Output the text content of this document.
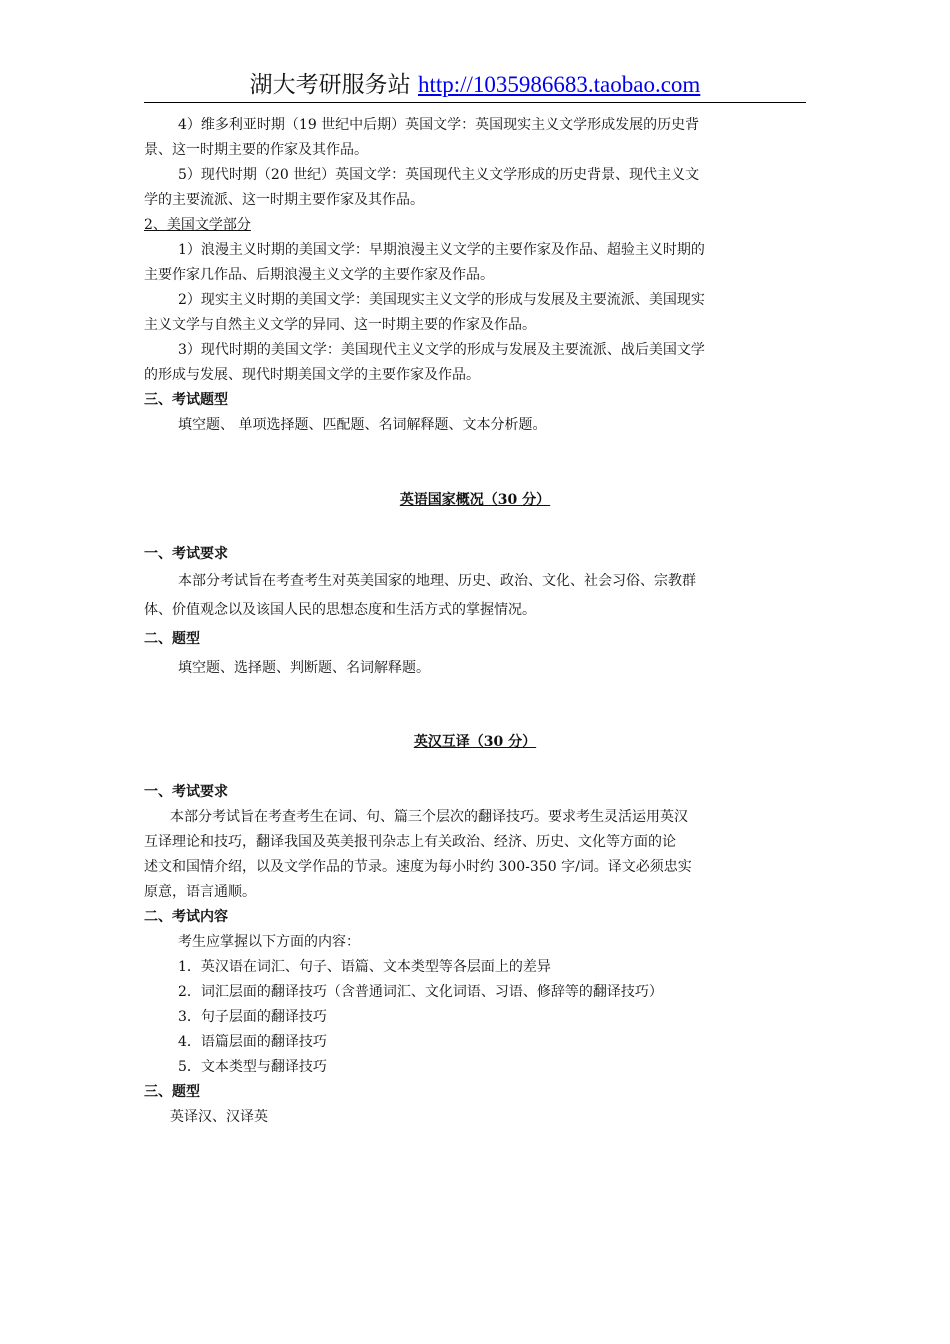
湖大考研服务站 http://1035986683.taobao.com
4）维多利亚时期（19 世纪中后期）英国文学：英国现实主义文学形成发展的历史背
景、这一时期主要的作家及其作品。
5）现代时期（20 世纪）英国文学：英国现代主义文学形成的历史背景、现代主义文
学的主要流派、这一时期主要作家及其作品。
2、美国文学部分
1）浪漫主义时期的美国文学：早期浪漫主义文学的主要作家及作品、超验主义时期的
主要作家几作品、后期浪漫主义文学的主要作家及作品。
2）现实主义时期的美国文学：美国现实主义文学的形成与发展及主要流派、美国现实
主义文学与自然主义文学的异同、这一时期主要的作家及作品。
3）现代时期的美国文学：美国现代主义文学的形成与发展及主要流派、战后美国文学
的形成与发展、现代时期美国文学的主要作家及作品。
三、考试题型
填空题、 单项选择题、匹配题、名词解释题、文本分析题。
英语国家概况（30 分）
一、考试要求
本部分考试旨在考查考生对英美国家的地理、历史、政治、文化、社会习俗、宗教群
体、价值观念以及该国人民的思想态度和生活方式的掌握情况。
二、题型
填空题、选择题、判断题、名词解释题。
英汉互译（30 分）
一、考试要求
本部分考试旨在考查考生在词、句、篇三个层次的翻译技巧。要求考生灵活运用英汉
互译理论和技巧，翻译我国及英美报刊杂志上有关政治、经济、历史、文化等方面的论
述文和国情介绍，以及文学作品的节录。速度为每小时约 300-350 字/词。译文必须忠实
原意，语言通顺。
二、考试内容
考生应掌握以下方面的内容：
1．英汉语在词汇、句子、语篇、文本类型等各层面上的差异
2．词汇层面的翻译技巧（含普通词汇、文化词语、习语、修辞等的翻译技巧）
3．句子层面的翻译技巧
4．语篇层面的翻译技巧
5．文本类型与翻译技巧
三、题型
英译汉、汉译英
